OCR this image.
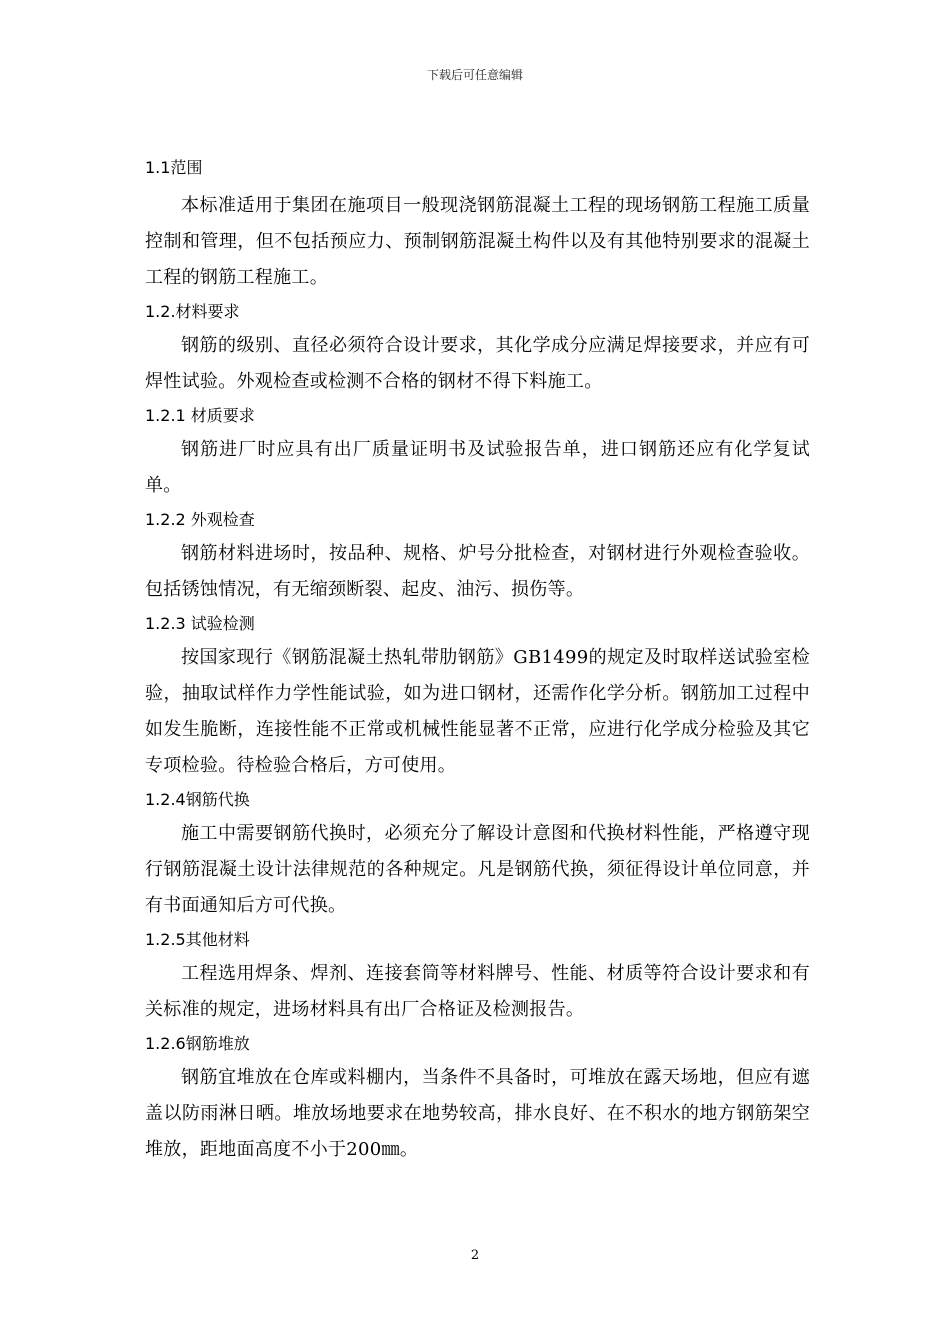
下载后可任意编辑
1.1范围

本标准适用于集团在施项目一般现浇钢筋混凝土工程的现场钢筋工程施工质量控制和管理，但不包括预应力、预制钢筋混凝土构件以及有其他特别要求的混凝土工程的钢筋工程施工。

1.2.材料要求

钢筋的级别、直径必须符合设计要求，其化学成分应满足焊接要求，并应有可焊性试验。外观检查或检测不合格的钢材不得下料施工。

1.2.1 材质要求

钢筋进厂时应具有出厂质量证明书及试验报告单，进口钢筋还应有化学复试单。

1.2.2 外观检查

钢筋材料进场时，按品种、规格、炉号分批检查，对钢材进行外观检查验收。包括锈蚀情况，有无缩颈断裂、起皮、油污、损伤等。

1.2.3 试验检测

按国家现行《钢筋混凝土热轧带肋钢筋》GB1499的规定及时取样送试验室检验，抽取试样作力学性能试验，如为进口钢材，还需作化学分析。钢筋加工过程中如发生脆断，连接性能不正常或机械性能显著不正常，应进行化学成分检验及其它专项检验。待检验合格后，方可使用。

1.2.4钢筋代换

施工中需要钢筋代换时，必须充分了解设计意图和代换材料性能，严格遵守现行钢筋混凝土设计法律规范的各种规定。凡是钢筋代换，须征得设计单位同意，并有书面通知后方可代换。

1.2.5其他材料

工程选用焊条、焊剂、连接套筒等材料牌号、性能、材质等符合设计要求和有关标准的规定，进场材料具有出厂合格证及检测报告。

1.2.6钢筋堆放

钢筋宜堆放在仓库或料棚内，当条件不具备时，可堆放在露天场地，但应有遮盖以防雨淋日晒。堆放场地要求在地势较高，排水良好、在不积水的地方钢筋架空堆放，距地面高度不小于200㎜。

2
